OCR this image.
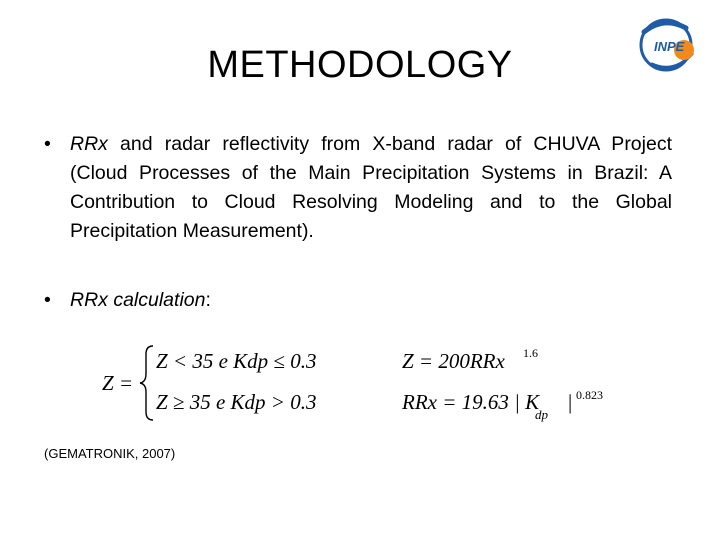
METHODOLOGY	INPE
• RRx and radar reflectivity from X-band radar of CHUVA Project (Cloud Processes of the Main Precipitation Systems in Brazil: A Contribution to Cloud Resolving Modeling and to the Global Precipitation Measurement).
• RRx calculation:
Z =
Z < 35 e Kdp ≤ 0.3
Z ≥ 35 e Kdp > 0.3
Z = 200RRx 1.6
RRx = 19.63 | K
dp
| 0.823
(GEMATRONIK, 2007)
